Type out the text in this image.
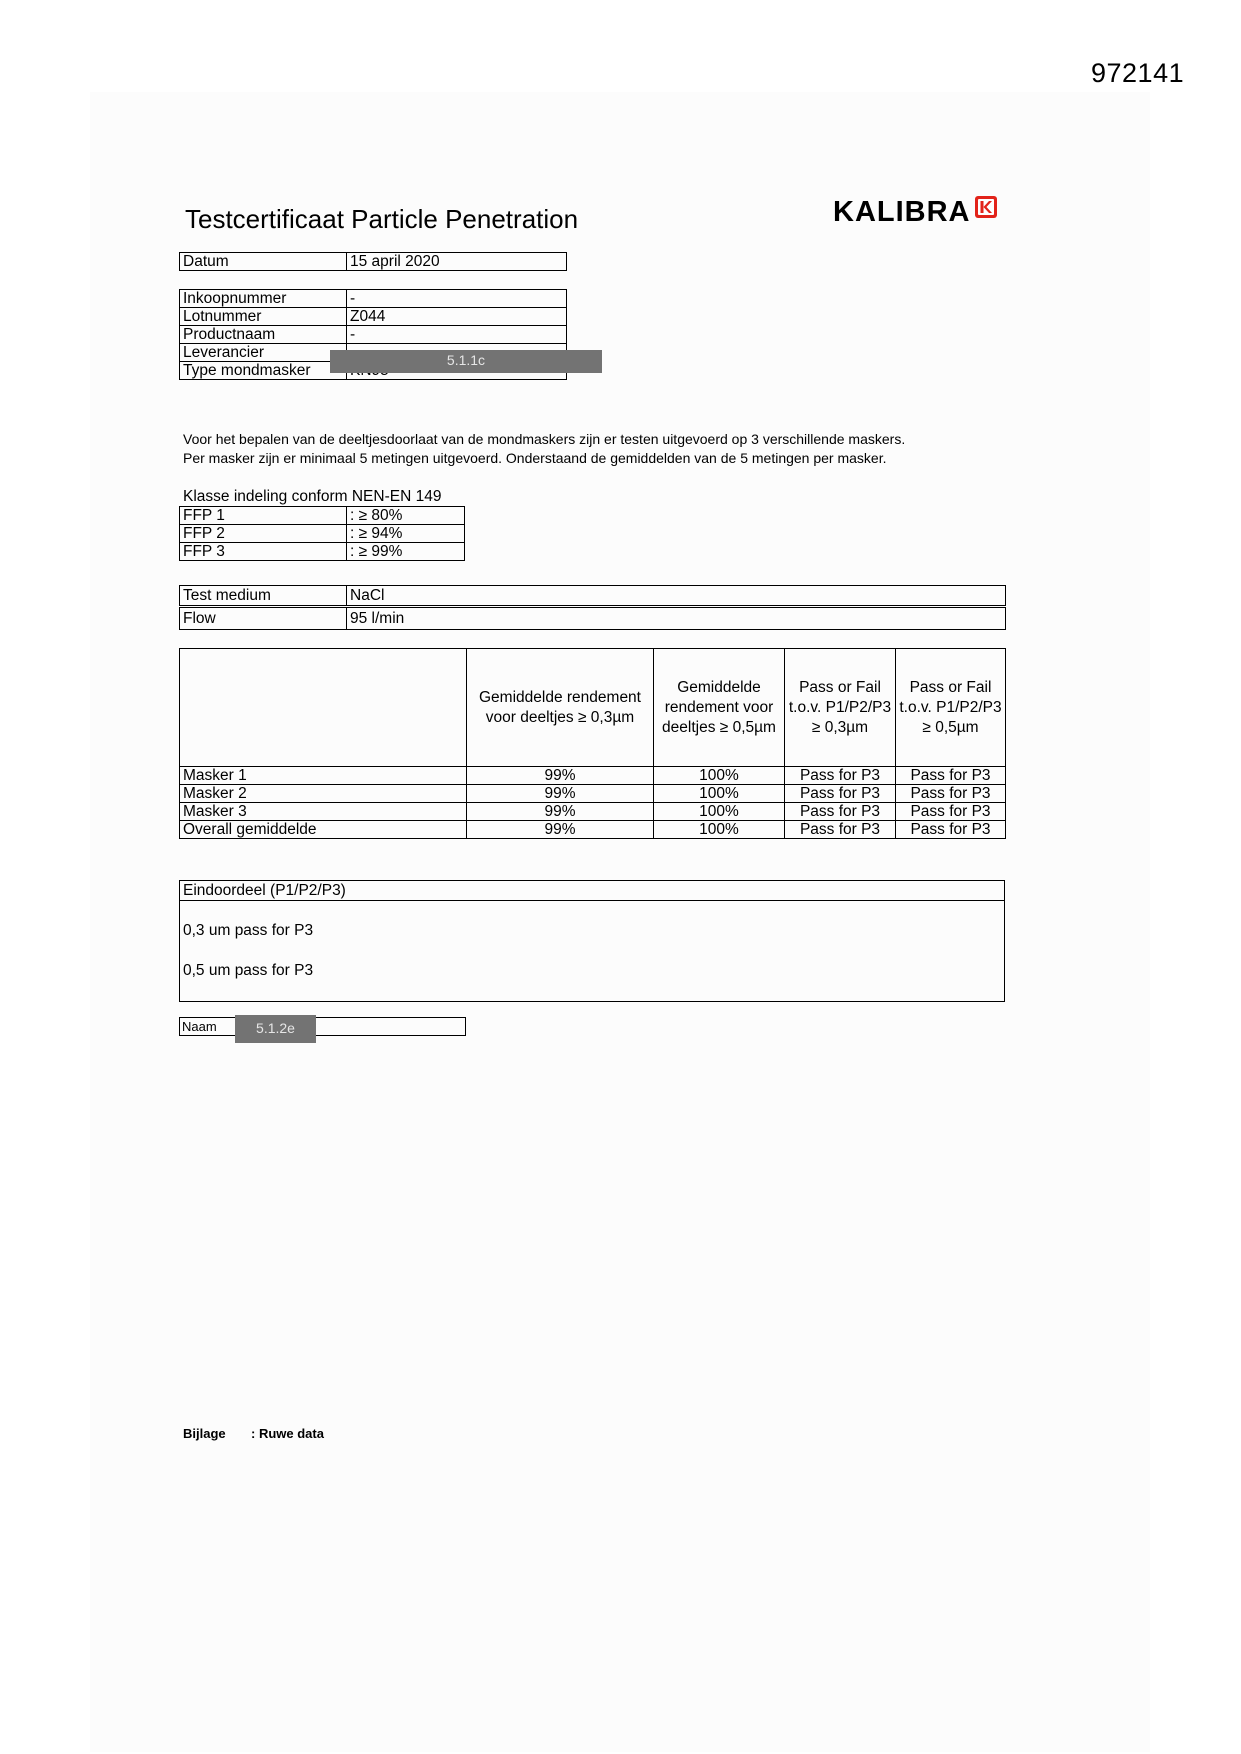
972141
Testcertificaat Particle Penetration	KALIBRA
Datum	15 april 2020
Inkoopnummer	-
Lotnummer	Z044
Productnaam	-
Leverancier	
Type mondmasker	
5.1.1c
Voor het bepalen van de deeltjesdoorlaat van de mondmaskers zijn er testen uitgevoerd op 3 verschillende maskers.
Per masker zijn er minimaal 5 metingen uitgevoerd. Onderstaand de gemiddelden van de 5 metingen per masker.
Klasse indeling conform NEN-EN 149
FFP 1	: ≥ 80%
FFP 2	: ≥ 94%
FFP 3	: ≥ 99%
Test medium	NaCl
Flow	95 l/min
	Gemiddelde rendement voor deeltjes ≥ 0,3µm	Gemiddelde rendement voor deeltjes ≥ 0,5µm	Pass or Fail t.o.v. P1/P2/P3 ≥ 0,3µm	Pass or Fail t.o.v. P1/P2/P3 ≥ 0,5µm
Masker 1	99%	100%	Pass for P3	Pass for P3
Masker 2	99%	100%	Pass for P3	Pass for P3
Masker 3	99%	100%	Pass for P3	Pass for P3
Overall gemiddelde	99%	100%	Pass for P3	Pass for P3
Eindoordeel (P1/P2/P3)
0,3 um pass for P3
0,5 um pass for P3
Naam	5.1.2e
Bijlage : Ruwe data
